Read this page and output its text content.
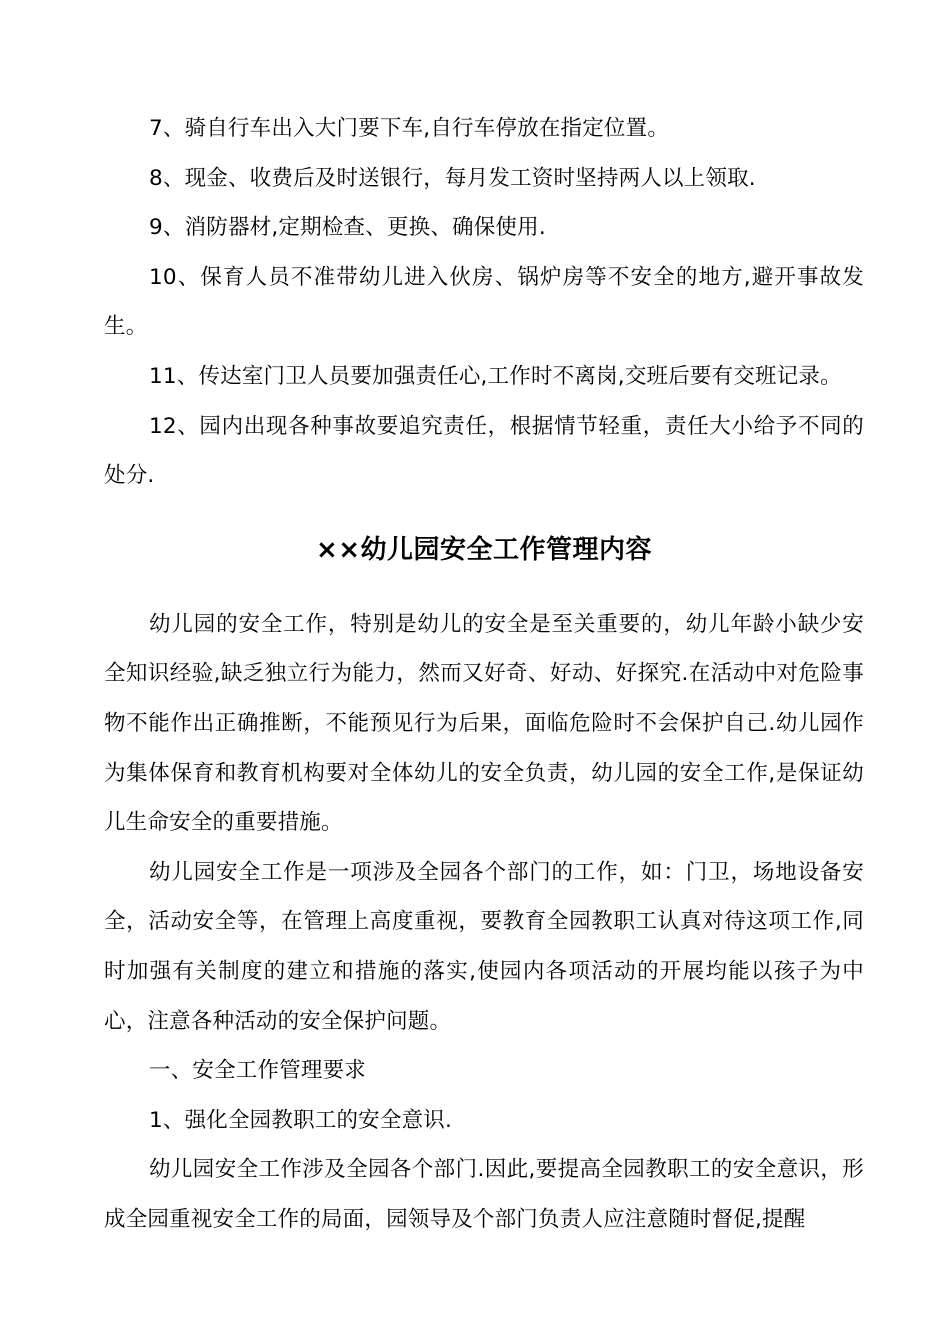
7、骑自行车出入大门要下车,自行车停放在指定位置。

8、现金、收费后及时送银行，每月发工资时坚持两人以上领取.

9、消防器材,定期检查、更换、确保使用.

10、保育人员不准带幼儿进入伙房、锅炉房等不安全的地方,避开事故发生。

11、传达室门卫人员要加强责任心,工作时不离岗,交班后要有交班记录。

12、园内出现各种事故要追究责任，根据情节轻重，责任大小给予不同的处分.

××幼儿园安全工作管理内容

幼儿园的安全工作，特别是幼儿的安全是至关重要的，幼儿年龄小缺少安全知识经验,缺乏独立行为能力，然而又好奇、好动、好探究.在活动中对危险事物不能作出正确推断，不能预见行为后果，面临危险时不会保护自己.幼儿园作为集体保育和教育机构要对全体幼儿的安全负责，幼儿园的安全工作,是保证幼儿生命安全的重要措施。

幼儿园安全工作是一项涉及全园各个部门的工作，如：门卫，场地设备安全，活动安全等，在管理上高度重视，要教育全园教职工认真对待这项工作,同时加强有关制度的建立和措施的落实,使园内各项活动的开展均能以孩子为中心，注意各种活动的安全保护问题。

一、安全工作管理要求

1、强化全园教职工的安全意识.

幼儿园安全工作涉及全园各个部门.因此,要提高全园教职工的安全意识，形成全园重视安全工作的局面，园领导及个部门负责人应注意随时督促,提醒
